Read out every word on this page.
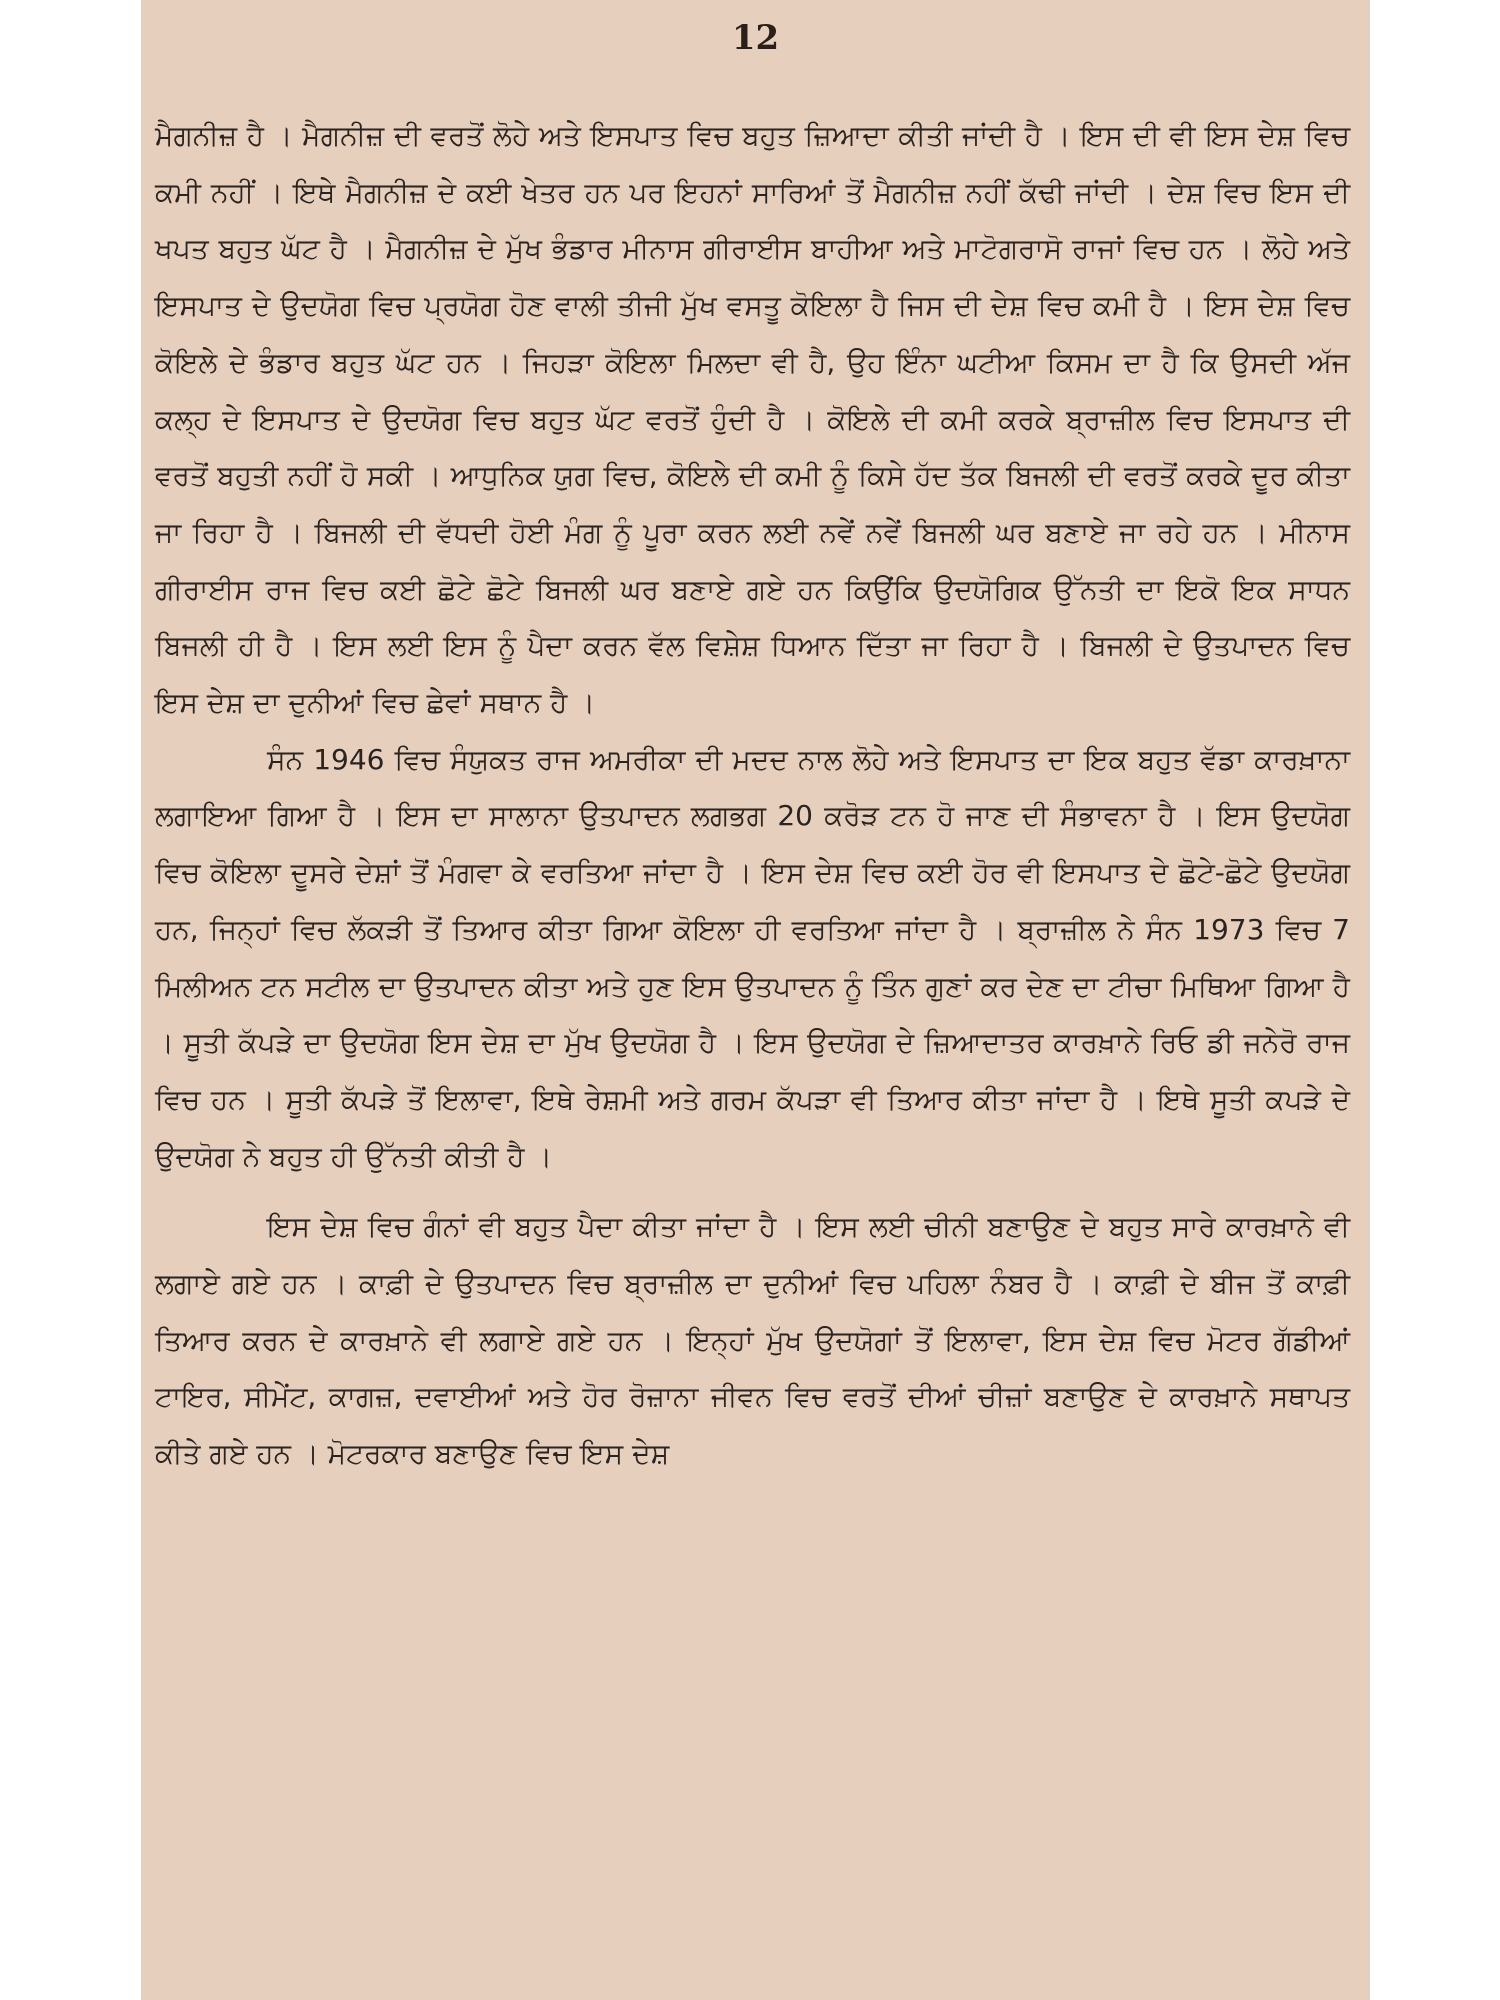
12

ਮੈਗਨੀਜ਼ ਹੈ । ਮੈਗਨੀਜ਼ ਦੀ ਵਰਤੋਂ ਲੋਹੇ ਅਤੇ ਇਸਪਾਤ ਵਿਚ ਬਹੁਤ ਜ਼ਿਆਦਾ ਕੀਤੀ ਜਾਂਦੀ ਹੈ । ਇਸ ਦੀ ਵੀ ਇਸ ਦੇਸ਼ ਵਿਚ ਕਮੀ ਨਹੀਂ । ਇਥੇ ਮੈਗਨੀਜ਼ ਦੇ ਕਈ ਖੇਤਰ ਹਨ ਪਰ ਇਹਨਾਂ ਸਾਰਿਆਂ ਤੋਂ ਮੈਗਨੀਜ਼ ਨਹੀਂ ਕੱਢੀ ਜਾਂਦੀ । ਦੇਸ਼ ਵਿਚ ਇਸ ਦੀ ਖਪਤ ਬਹੁਤ ਘੱਟ ਹੈ । ਮੈਗਨੀਜ਼ ਦੇ ਮੁੱਖ ਭੰਡਾਰ ਮੀਨਾਸ ਗੀਰਾਈਸ ਬਾਹੀਆ ਅਤੇ ਮਾਟੋਗਰਾਸੋ ਰਾਜਾਂ ਵਿਚ ਹਨ । ਲੋਹੇ ਅਤੇ ਇਸਪਾਤ ਦੇ ਉਦਯੋਗ ਵਿਚ ਪ੍ਰਯੋਗ ਹੋਣ ਵਾਲੀ ਤੀਜੀ ਮੁੱਖ ਵਸਤੂ ਕੋਇਲਾ ਹੈ ਜਿਸ ਦੀ ਦੇਸ਼ ਵਿਚ ਕਮੀ ਹੈ । ਇਸ ਦੇਸ਼ ਵਿਚ ਕੋਇਲੇ ਦੇ ਭੰਡਾਰ ਬਹੁਤ ਘੱਟ ਹਨ । ਜਿਹੜਾ ਕੋਇਲਾ ਮਿਲਦਾ ਵੀ ਹੈ, ਉਹ ਇੰਨਾ ਘਟੀਆ ਕਿਸਮ ਦਾ ਹੈ ਕਿ ਉਸਦੀ ਅੱਜ ਕਲ੍ਹ ਦੇ ਇਸਪਾਤ ਦੇ ਉਦਯੋਗ ਵਿਚ ਬਹੁਤ ਘੱਟ ਵਰਤੋਂ ਹੁੰਦੀ ਹੈ । ਕੋਇਲੇ ਦੀ ਕਮੀ ਕਰਕੇ ਬ੍ਰਾਜ਼ੀਲ ਵਿਚ ਇਸਪਾਤ ਦੀ ਵਰਤੋਂ ਬਹੁਤੀ ਨਹੀਂ ਹੋ ਸਕੀ । ਆਧੁਨਿਕ ਯੁਗ ਵਿਚ, ਕੋਇਲੇ ਦੀ ਕਮੀ ਨੂੰ ਕਿਸੇ ਹੱਦ ਤੱਕ ਬਿਜਲੀ ਦੀ ਵਰਤੋਂ ਕਰਕੇ ਦੂਰ ਕੀਤਾ ਜਾ ਰਿਹਾ ਹੈ । ਬਿਜਲੀ ਦੀ ਵੱਧਦੀ ਹੋਈ ਮੰਗ ਨੂੰ ਪੂਰਾ ਕਰਨ ਲਈ ਨਵੇਂ ਨਵੇਂ ਬਿਜਲੀ ਘਰ ਬਣਾਏ ਜਾ ਰਹੇ ਹਨ । ਮੀਨਾਸ ਗੀਰਾਈਸ ਰਾਜ ਵਿਚ ਕਈ ਛੋਟੇ ਛੋਟੇ ਬਿਜਲੀ ਘਰ ਬਣਾਏ ਗਏ ਹਨ ਕਿਉਂਕਿ ਉਦਯੋਗਿਕ ਉੱਨਤੀ ਦਾ ਇਕੋ ਇਕ ਸਾਧਨ ਬਿਜਲੀ ਹੀ ਹੈ । ਇਸ ਲਈ ਇਸ ਨੂੰ ਪੈਦਾ ਕਰਨ ਵੱਲ ਵਿਸ਼ੇਸ਼ ਧਿਆਨ ਦਿੱਤਾ ਜਾ ਰਿਹਾ ਹੈ । ਬਿਜਲੀ ਦੇ ਉਤਪਾਦਨ ਵਿਚ ਇਸ ਦੇਸ਼ ਦਾ ਦੁਨੀਆਂ ਵਿਚ ਛੇਵਾਂ ਸਥਾਨ ਹੈ ।

ਸੰਨ 1946 ਵਿਚ ਸੰਯੁਕਤ ਰਾਜ ਅਮਰੀਕਾ ਦੀ ਮਦਦ ਨਾਲ ਲੋਹੇ ਅਤੇ ਇਸਪਾਤ ਦਾ ਇਕ ਬਹੁਤ ਵੱਡਾ ਕਾਰਖ਼ਾਨਾ ਲਗਾਇਆ ਗਿਆ ਹੈ । ਇਸ ਦਾ ਸਾਲਾਨਾ ਉਤਪਾਦਨ ਲਗਭਗ 20 ਕਰੋੜ ਟਨ ਹੋ ਜਾਣ ਦੀ ਸੰਭਾਵਨਾ ਹੈ । ਇਸ ਉਦਯੋਗ ਵਿਚ ਕੋਇਲਾ ਦੂਸਰੇ ਦੇਸ਼ਾਂ ਤੋਂ ਮੰਗਵਾ ਕੇ ਵਰਤਿਆ ਜਾਂਦਾ ਹੈ । ਇਸ ਦੇਸ਼ ਵਿਚ ਕਈ ਹੋਰ ਵੀ ਇਸਪਾਤ ਦੇ ਛੋਟੇ-ਛੋਟੇ ਉਦਯੋਗ ਹਨ, ਜਿਨ੍ਹਾਂ ਵਿਚ ਲੱਕੜੀ ਤੋਂ ਤਿਆਰ ਕੀਤਾ ਗਿਆ ਕੋਇਲਾ ਹੀ ਵਰਤਿਆ ਜਾਂਦਾ ਹੈ । ਬ੍ਰਾਜ਼ੀਲ ਨੇ ਸੰਨ 1973 ਵਿਚ 7 ਮਿਲੀਅਨ ਟਨ ਸਟੀਲ ਦਾ ਉਤਪਾਦਨ ਕੀਤਾ ਅਤੇ ਹੁਣ ਇਸ ਉਤਪਾਦਨ ਨੂੰ ਤਿੰਨ ਗੁਣਾਂ ਕਰ ਦੇਣ ਦਾ ਟੀਚਾ ਮਿਥਿਆ ਗਿਆ ਹੈ । ਸੂਤੀ ਕੱਪੜੇ ਦਾ ਉਦਯੋਗ ਇਸ ਦੇਸ਼ ਦਾ ਮੁੱਖ ਉਦਯੋਗ ਹੈ । ਇਸ ਉਦਯੋਗ ਦੇ ਜ਼ਿਆਦਾਤਰ ਕਾਰਖ਼ਾਨੇ ਰਿਓ ਡੀ ਜਨੇਰੋ ਰਾਜ ਵਿਚ ਹਨ । ਸੂਤੀ ਕੱਪੜੇ ਤੋਂ ਇਲਾਵਾ, ਇਥੇ ਰੇਸ਼ਮੀ ਅਤੇ ਗਰਮ ਕੱਪੜਾ ਵੀ ਤਿਆਰ ਕੀਤਾ ਜਾਂਦਾ ਹੈ । ਇਥੇ ਸੂਤੀ ਕਪੜੇ ਦੇ ਉਦਯੋਗ ਨੇ ਬਹੁਤ ਹੀ ਉੱਨਤੀ ਕੀਤੀ ਹੈ ।

ਇਸ ਦੇਸ਼ ਵਿਚ ਗੰਨਾਂ ਵੀ ਬਹੁਤ ਪੈਦਾ ਕੀਤਾ ਜਾਂਦਾ ਹੈ । ਇਸ ਲਈ ਚੀਨੀ ਬਣਾਉਣ ਦੇ ਬਹੁਤ ਸਾਰੇ ਕਾਰਖ਼ਾਨੇ ਵੀ ਲਗਾਏ ਗਏ ਹਨ । ਕਾਫ਼ੀ ਦੇ ਉਤਪਾਦਨ ਵਿਚ ਬ੍ਰਾਜ਼ੀਲ ਦਾ ਦੁਨੀਆਂ ਵਿਚ ਪਹਿਲਾ ਨੰਬਰ ਹੈ । ਕਾਫ਼ੀ ਦੇ ਬੀਜ ਤੋਂ ਕਾਫ਼ੀ ਤਿਆਰ ਕਰਨ ਦੇ ਕਾਰਖ਼ਾਨੇ ਵੀ ਲਗਾਏ ਗਏ ਹਨ । ਇਨ੍ਹਾਂ ਮੁੱਖ ਉਦਯੋਗਾਂ ਤੋਂ ਇਲਾਵਾ, ਇਸ ਦੇਸ਼ ਵਿਚ ਮੋਟਰ ਗੱਡੀਆਂ ਟਾਇਰ, ਸੀਮੇਂਟ, ਕਾਗਜ਼, ਦਵਾਈਆਂ ਅਤੇ ਹੋਰ ਰੋਜ਼ਾਨਾ ਜੀਵਨ ਵਿਚ ਵਰਤੋਂ ਦੀਆਂ ਚੀਜ਼ਾਂ ਬਣਾਉਣ ਦੇ ਕਾਰਖ਼ਾਨੇ ਸਥਾਪਤ ਕੀਤੇ ਗਏ ਹਨ । ਮੋਟਰਕਾਰ ਬਣਾਉਣ ਵਿਚ ਇਸ ਦੇਸ਼
